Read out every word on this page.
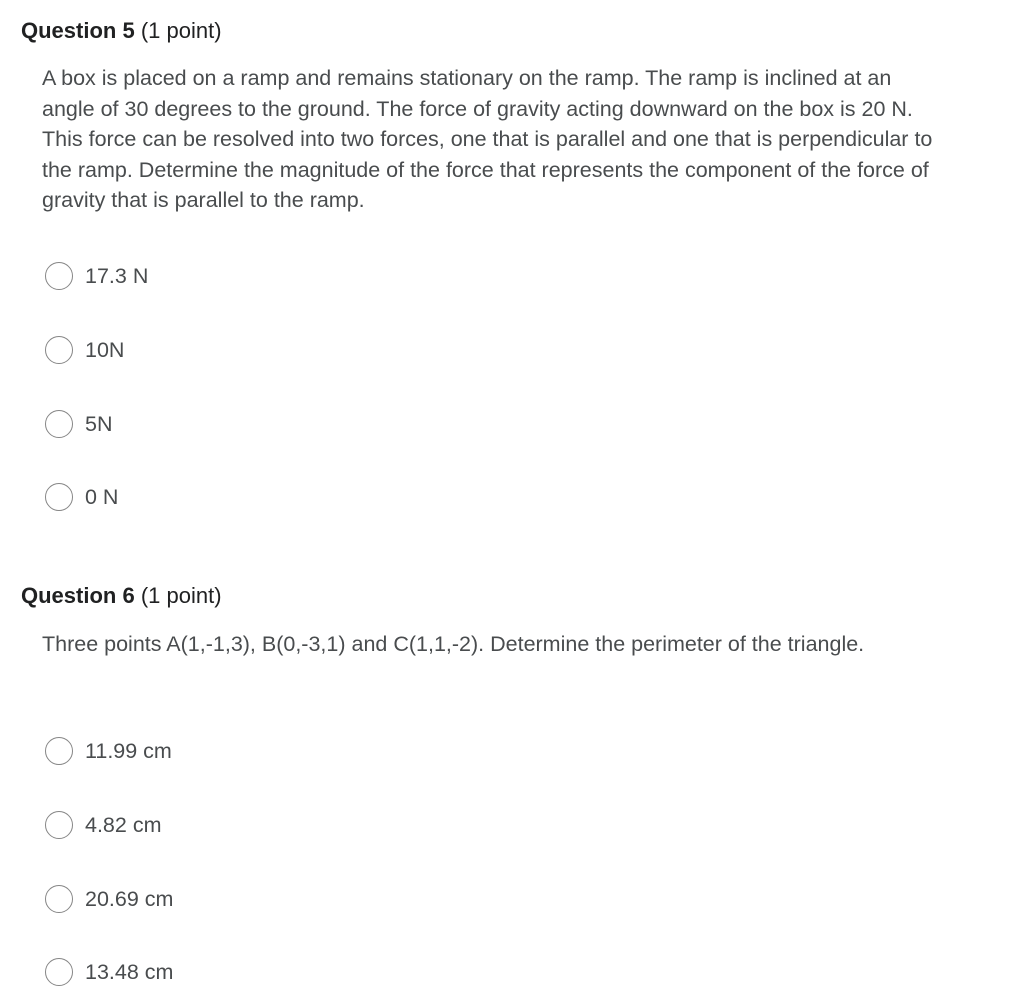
Question 5 (1 point)

A box is placed on a ramp and remains stationary on the ramp. The ramp is inclined at an angle of 30 degrees to the ground. The force of gravity acting downward on the box is 20 N. This force can be resolved into two forces, one that is parallel and one that is perpendicular to the ramp. Determine the magnitude of the force that represents the component of the force of gravity that is parallel to the ramp.

17.3 N
10N
5N
0 N
Question 6 (1 point)

Three points A(1,-1,3), B(0,-3,1) and C(1,1,-2). Determine the perimeter of the triangle.

11.99 cm
4.82 cm
20.69 cm
13.48 cm
